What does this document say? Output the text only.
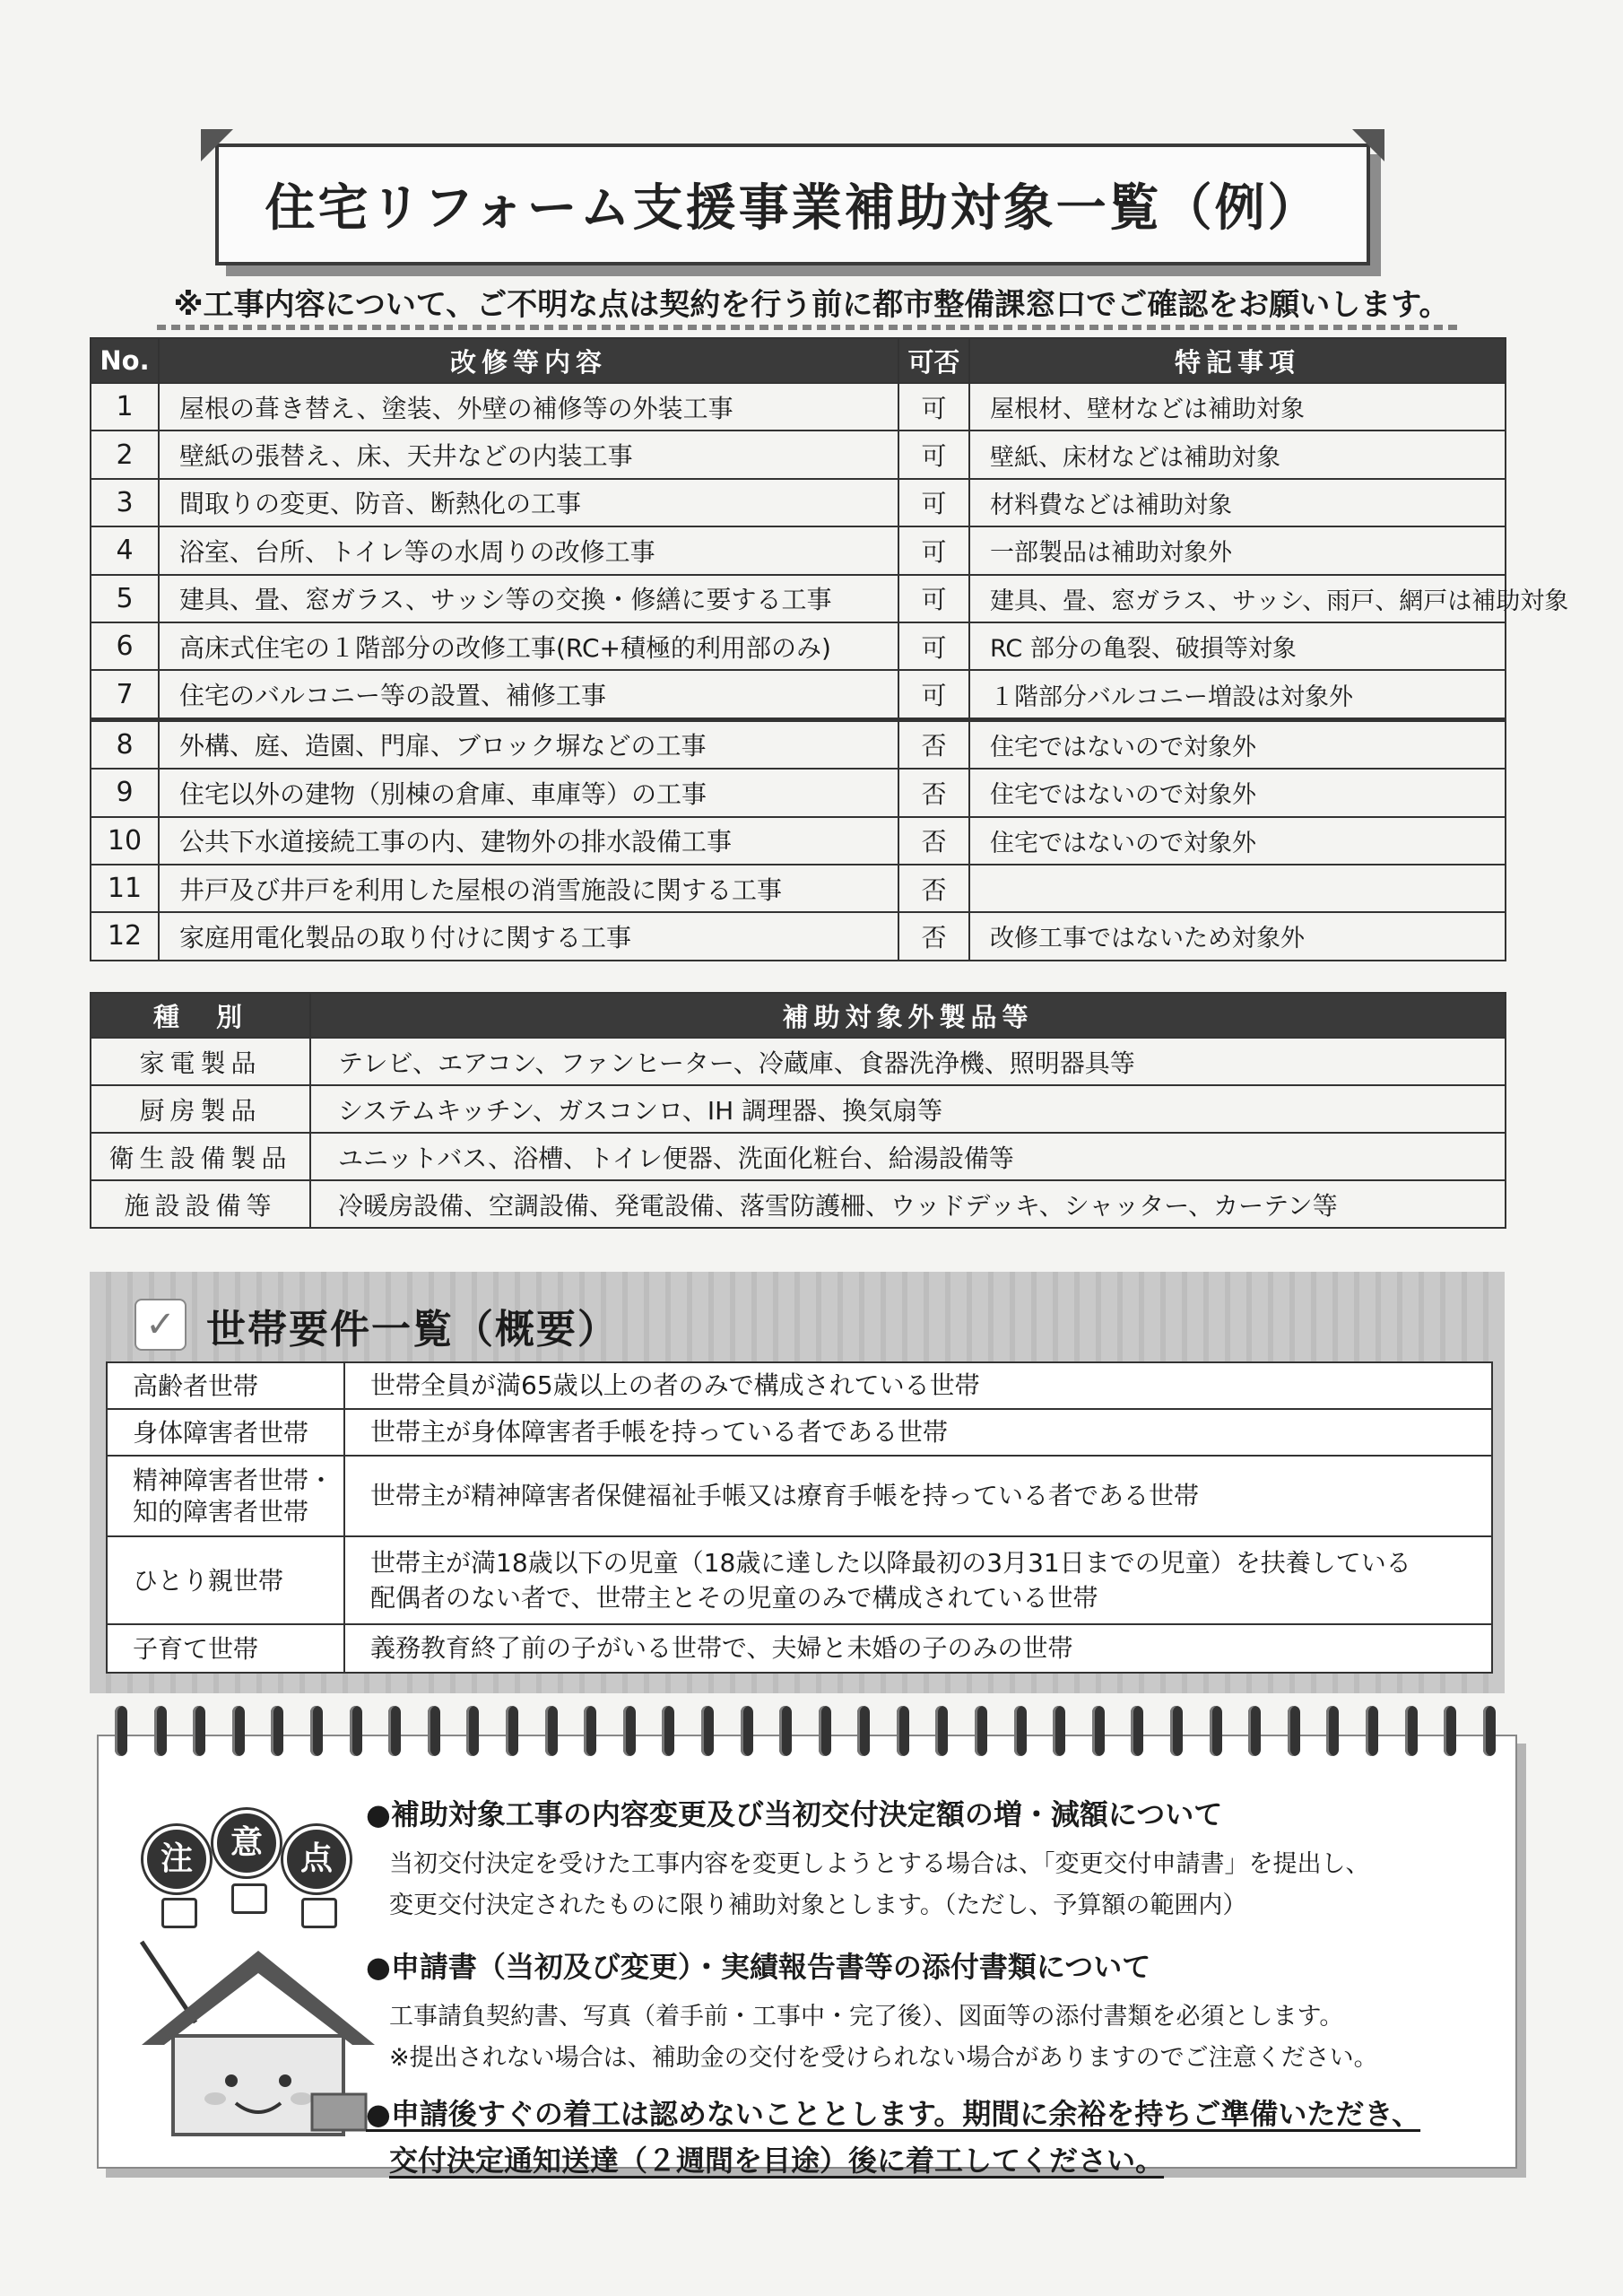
住宅リフォーム支援事業補助対象一覧（例）
※工事内容について、ご不明な点は契約を行う前に都市整備課窓口でご確認をお願いします。
No.	改修等内容	可否	特記事項
1	屋根の葺き替え、塗装、外壁の補修等の外装工事	可	屋根材、壁材などは補助対象
2	壁紙の張替え、床、天井などの内装工事	可	壁紙、床材などは補助対象
3	間取りの変更、防音、断熱化の工事	可	材料費などは補助対象
4	浴室、台所、トイレ等の水周りの改修工事	可	一部製品は補助対象外
5	建具、畳、窓ガラス、サッシ等の交換・修繕に要する工事	可	建具、畳、窓ガラス、サッシ、雨戸、網戸は補助対象
6	高床式住宅の１階部分の改修工事(RC+積極的利用部のみ)	可	RC 部分の亀裂、破損等対象
7	住宅のバルコニー等の設置、補修工事	可	１階部分バルコニー増設は対象外
8	外構、庭、造園、門扉、ブロック塀などの工事	否	住宅ではないので対象外
9	住宅以外の建物（別棟の倉庫、車庫等）の工事	否	住宅ではないので対象外
10	公共下水道接続工事の内、建物外の排水設備工事	否	住宅ではないので対象外
11	井戸及び井戸を利用した屋根の消雪施設に関する工事	否	
12	家庭用電化製品の取り付けに関する工事	否	改修工事ではないため対象外
種　別	補助対象外製品等
家電製品	テレビ、エアコン、ファンヒーター、冷蔵庫、食器洗浄機、照明器具等
厨房製品	システムキッチン、ガスコンロ、IH 調理器、換気扇等
衛生設備製品	ユニットバス、浴槽、トイレ便器、洗面化粧台、給湯設備等
施設設備等	冷暖房設備、空調設備、発電設備、落雪防護柵、ウッドデッキ、シャッター、カーテン等
✓ 世帯要件一覧（概要）
高齢者世帯	世帯全員が満65歳以上の者のみで構成されている世帯

身体障害者世帯	世帯主が身体障害者手帳を持っている者である世帯

精神障害者世帯・
知的障害者世帯	世帯主が精神障害者保健福祉手帳又は療育手帳を持っている者である世帯

ひとり親世帯	世帯主が満18歳以下の児童（18歳に達した以降最初の3月31日までの児童）を扶養している
配偶者のない者で、世帯主とその児童のみで構成されている世帯

子育て世帯	義務教育終了前の子がいる世帯で、夫婦と未婚の子のみの世帯
注	意	点
●補助対象工事の内容変更及び当初交付決定額の増・減額について
当初交付決定を受けた工事内容を変更しようとする場合は、「変更交付申請書」を提出し、
変更交付決定されたものに限り補助対象とします。（ただし、予算額の範囲内）
●申請書（当初及び変更）・実績報告書等の添付書類について
工事請負契約書、写真（着手前・工事中・完了後）、図面等の添付書類を必須とします。
※提出されない場合は、補助金の交付を受けられない場合がありますのでご注意ください。
●申請後すぐの着工は認めないこととします。期間に余裕を持ちご準備いただき、
交付決定通知送達（２週間を目途）後に着工してください。
